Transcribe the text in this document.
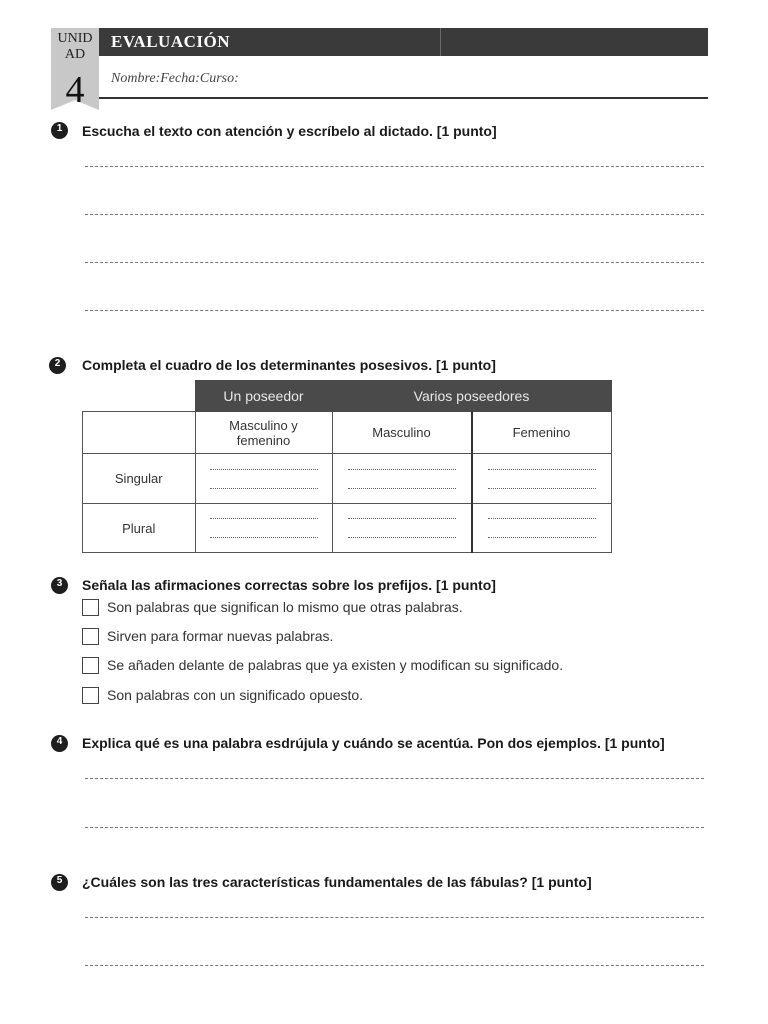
UNID AD
4
EVALUACIÓN
Nombre:Fecha:Curso:
1	Escucha el texto con atención y escríbelo al dictado. [1 punto]
2	Completa el cuadro de los determinantes posesivos. [1 punto]
	Un poseedor	Varios poseedores	
	Masculino y femenino	Masculino	Femenino
Singular	

Plural	

3	Señala las afirmaciones correctas sobre los prefijos. [1 punto]
Son palabras que significan lo mismo que otras palabras.
Sirven para formar nuevas palabras.
Se añaden delante de palabras que ya existen y modifican su significado.
Son palabras con un significado opuesto.
4	Explica qué es una palabra esdrújula y cuándo se acentúa. Pon dos ejemplos. [1 punto]
5	¿Cuáles son las tres características fundamentales de las fábulas? [1 punto]
